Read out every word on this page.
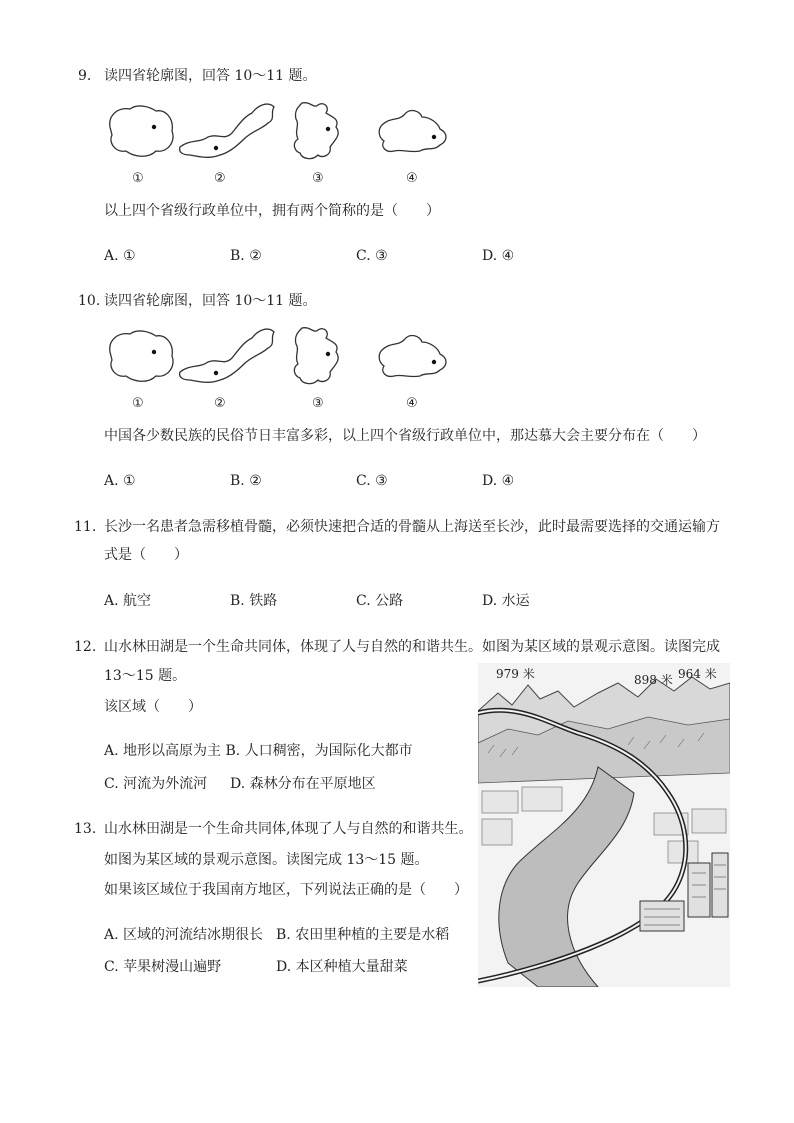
9. 读四省轮廓图，回答 10～11 题。
①	②	③	④
以上四个省级行政单位中，拥有两个简称的是（　　）
A. ①	B. ②	C. ③	D. ④
10. 读四省轮廓图，回答 10～11 题。
①	②	③	④
中国各少数民族的民俗节日丰富多彩，以上四个省级行政单位中，那达慕大会主要分布在（　　）
A. ①	B. ②	C. ③	D. ④
11. 长沙一名患者急需移植骨髓，必须快速把合适的骨髓从上海送至长沙，此时最需要选择的交通运输方
式是（　　）
A. 航空	B. 铁路	C. 公路	D. 水运
12. 山水林田湖是一个生命共同体，体现了人与自然的和谐共生。如图为某区域的景观示意图。读图完成
13～15 题。
该区域（　　）
A. 地形以高原为主 B. 人口稠密，为国际化大都市
C. 河流为外流河 D. 森林分布在平原地区
13. 山水林田湖是一个生命共同体,体现了人与自然的和谐共生。
如图为某区域的景观示意图。读图完成 13～15 题。
如果该区域位于我国南方地区，下列说法正确的是（　　）
A. 区域的河流结冰期很长 B. 农田里种植的主要是水稻
C. 苹果树漫山遍野	D. 本区种植大量甜菜
979 米	898 米 964 米
